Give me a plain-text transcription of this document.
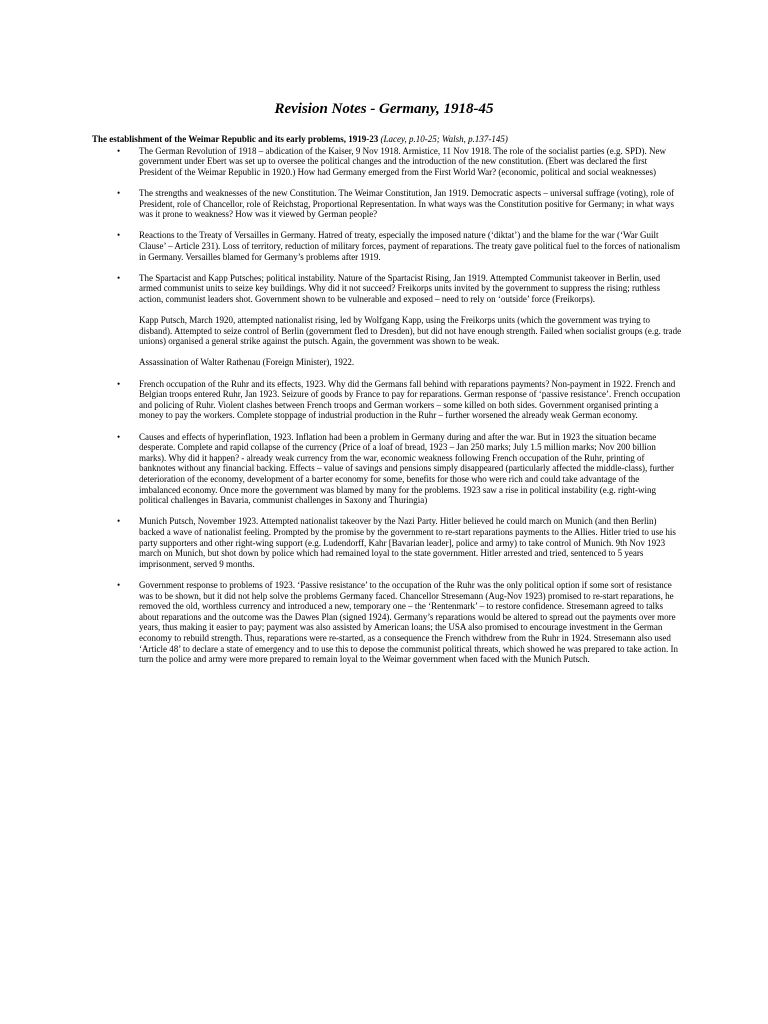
Revision Notes - Germany, 1918-45
The establishment of the Weimar Republic and its early problems, 1919-23 (Lacey, p.10-25; Walsh, p.137-145)
• The German Revolution of 1918 – abdication of the Kaiser, 9 Nov 1918. Armistice, 11 Nov 1918. The role of the socialist parties (e.g. SPD). New government under Ebert was set up to oversee the political changes and the introduction of the new constitution. (Ebert was declared the first President of the Weimar Republic in 1920.) How had Germany emerged from the First World War? (economic, political and social weaknesses)

• The strengths and weaknesses of the new Constitution. The Weimar Constitution, Jan 1919. Democratic aspects – universal suffrage (voting), role of President, role of Chancellor, role of Reichstag, Proportional Representation. In what ways was the Constitution positive for Germany; in what ways was it prone to weakness? How was it viewed by German people?

• Reactions to the Treaty of Versailles in Germany. Hatred of treaty, especially the imposed nature (‘diktat’) and the blame for the war (‘War Guilt Clause’ – Article 231). Loss of territory, reduction of military forces, payment of reparations. The treaty gave political fuel to the forces of nationalism in Germany. Versailles blamed for Germany’s problems after 1919.

• The Spartacist and Kapp Putsches; political instability. Nature of the Spartacist Rising, Jan 1919. Attempted Communist takeover in Berlin, used armed communist units to seize key buildings. Why did it not succeed? Freikorps units invited by the government to suppress the rising; ruthless action, communist leaders shot. Government shown to be vulnerable and exposed – need to rely on ‘outside’ force (Freikorps).

Kapp Putsch, March 1920, attempted nationalist rising, led by Wolfgang Kapp, using the Freikorps units (which the government was trying to disband). Attempted to seize control of Berlin (government fled to Dresden), but did not have enough strength. Failed when socialist groups (e.g. trade unions) organised a general strike against the putsch. Again, the government was shown to be weak.

Assassination of Walter Rathenau (Foreign Minister), 1922.

• French occupation of the Ruhr and its effects, 1923. Why did the Germans fall behind with reparations payments? Non-payment in 1922. French and Belgian troops entered Ruhr, Jan 1923. Seizure of goods by France to pay for reparations. German response of ‘passive resistance’. French occupation and policing of Ruhr. Violent clashes between French troops and German workers – some killed on both sides. Government organised printing a money to pay the workers. Complete stoppage of industrial production in the Ruhr – further worsened the already weak German economy.

• Causes and effects of hyperinflation, 1923. Inflation had been a problem in Germany during and after the war. But in 1923 the situation became desperate. Complete and rapid collapse of the currency (Price of a loaf of bread, 1923 – Jan 250 marks; July 1.5 million marks; Nov 200 billion marks). Why did it happen? - already weak currency from the war, economic weakness following French occupation of the Ruhr, printing of banknotes without any financial backing. Effects – value of savings and pensions simply disappeared (particularly affected the middle-class), further deterioration of the economy, development of a barter economy for some, benefits for those who were rich and could take advantage of the imbalanced economy. Once more the government was blamed by many for the problems. 1923 saw a rise in political instability (e.g. right-wing political challenges in Bavaria, communist challenges in Saxony and Thuringia)

• Munich Putsch, November 1923. Attempted nationalist takeover by the Nazi Party. Hitler believed he could march on Munich (and then Berlin) backed a wave of nationalist feeling. Prompted by the promise by the government to re-start reparations payments to the Allies. Hitler tried to use his party supporters and other right-wing support (e.g. Ludendorff, Kahr [Bavarian leader], police and army) to take control of Munich. 9th Nov 1923 march on Munich, but shot down by police which had remained loyal to the state government. Hitler arrested and tried, sentenced to 5 years imprisonment, served 9 months.

• Government response to problems of 1923. ‘Passive resistance’ to the occupation of the Ruhr was the only political option if some sort of resistance was to be shown, but it did not help solve the problems Germany faced. Chancellor Stresemann (Aug-Nov 1923) promised to re-start reparations, he removed the old, worthless currency and introduced a new, temporary one – the ‘Rentenmark’ – to restore confidence. Stresemann agreed to talks about reparations and the outcome was the Dawes Plan (signed 1924). Germany’s reparations would be altered to spread out the payments over more years, thus making it easier to pay; payment was also assisted by American loans; the USA also promised to encourage investment in the German economy to rebuild strength. Thus, reparations were re-started, as a consequence the French withdrew from the Ruhr in 1924. Stresemann also used ‘Article 48’ to declare a state of emergency and to use this to depose the communist political threats, which showed he was prepared to take action. In turn the police and army were more prepared to remain loyal to the Weimar government when faced with the Munich Putsch.
